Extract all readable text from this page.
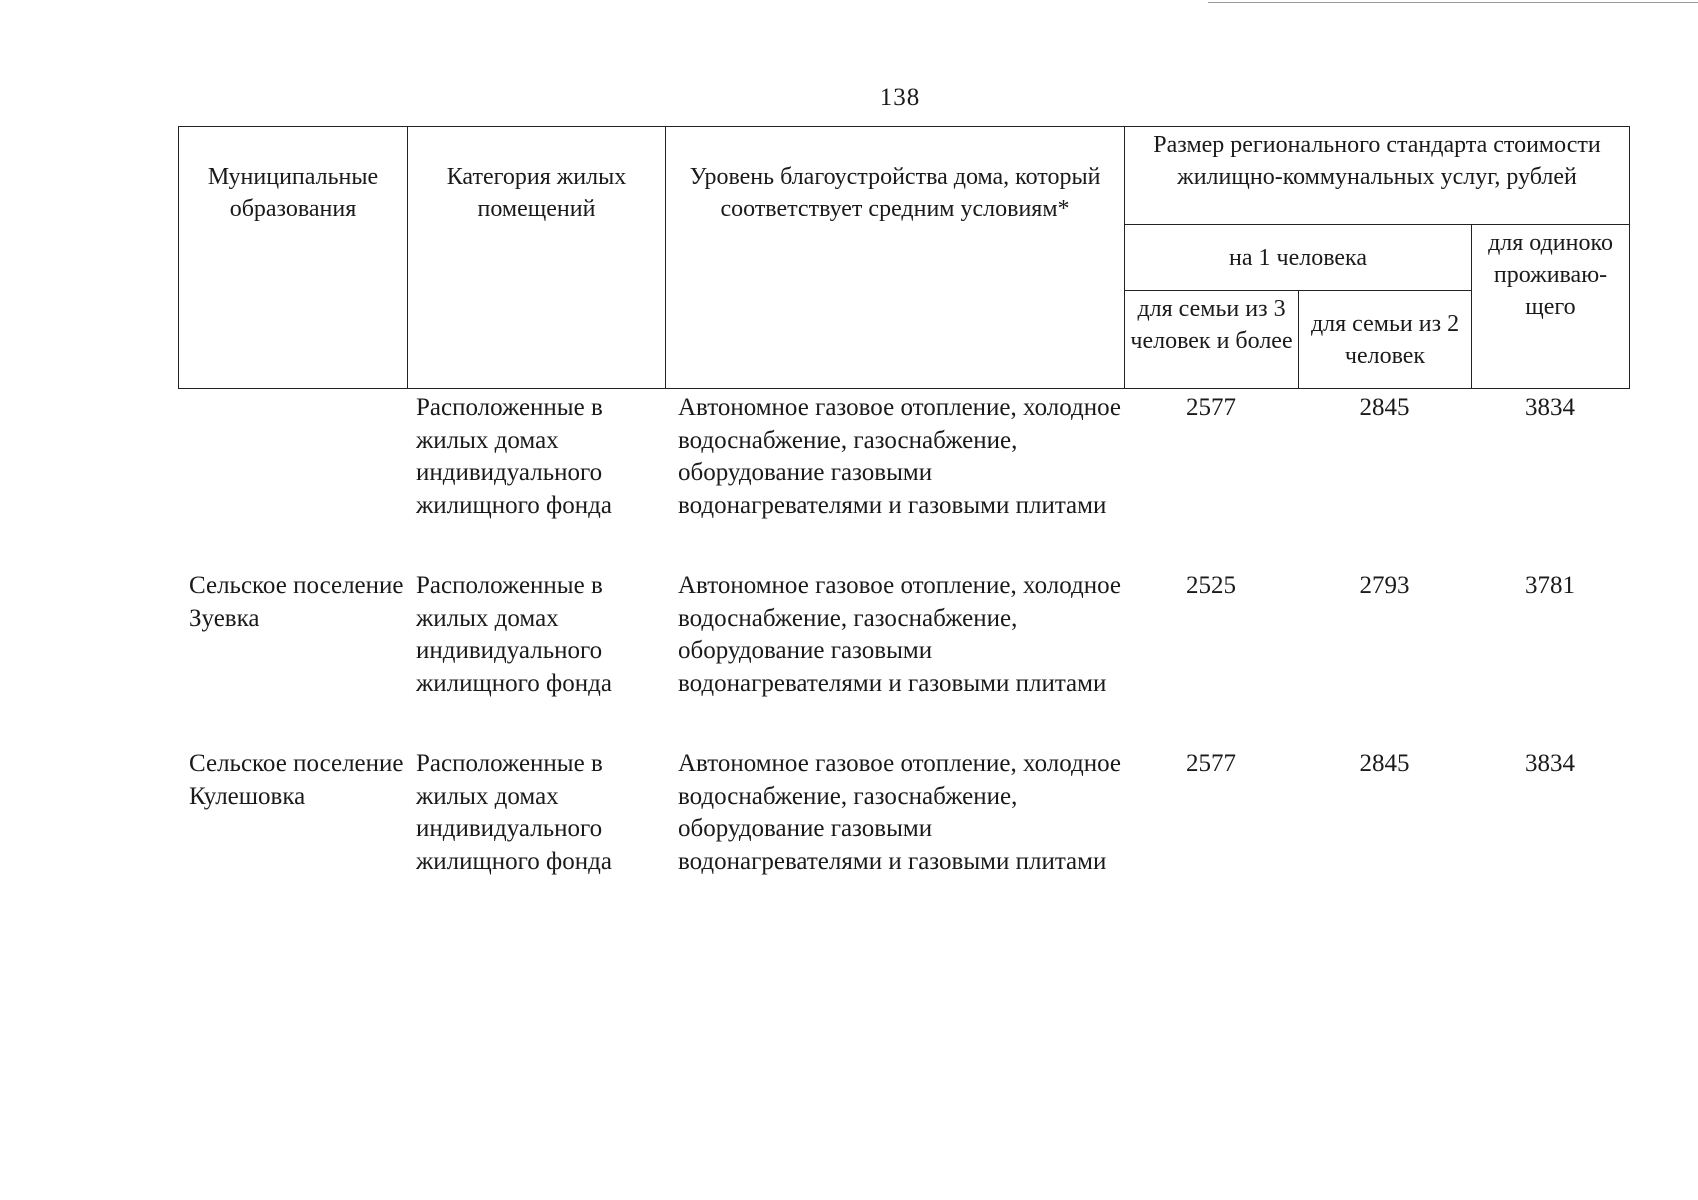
138
Муниципальные образования	Категория жилых помещений	Уровень благоустройства дома, который соответствует средним условиям*	Размер регионального стандарта стоимости жилищно-коммунальных услуг, рублей		
			на 1 человека		для одиноко проживаю-щего
			для семьи из 3 человек и более	для семьи из 2 человек	
	Расположенные в жилых домах индивидуального жилищного фонда	Автономное газовое отопление, холодное водоснабжение, газоснабжение, оборудование газовыми водонагревателями и газовыми плитами	2577	2845	3834
Сельское поселение Зуевка	Расположенные в жилых домах индивидуального жилищного фонда	Автономное газовое отопление, холодное водоснабжение, газоснабжение, оборудование газовыми водонагревателями и газовыми плитами	2525	2793	3781
Сельское поселение Кулешовка	Расположенные в жилых домах индивидуального жилищного фонда	Автономное газовое отопление, холодное водоснабжение, газоснабжение, оборудование газовыми водонагревателями и газовыми плитами	2577	2845	3834
